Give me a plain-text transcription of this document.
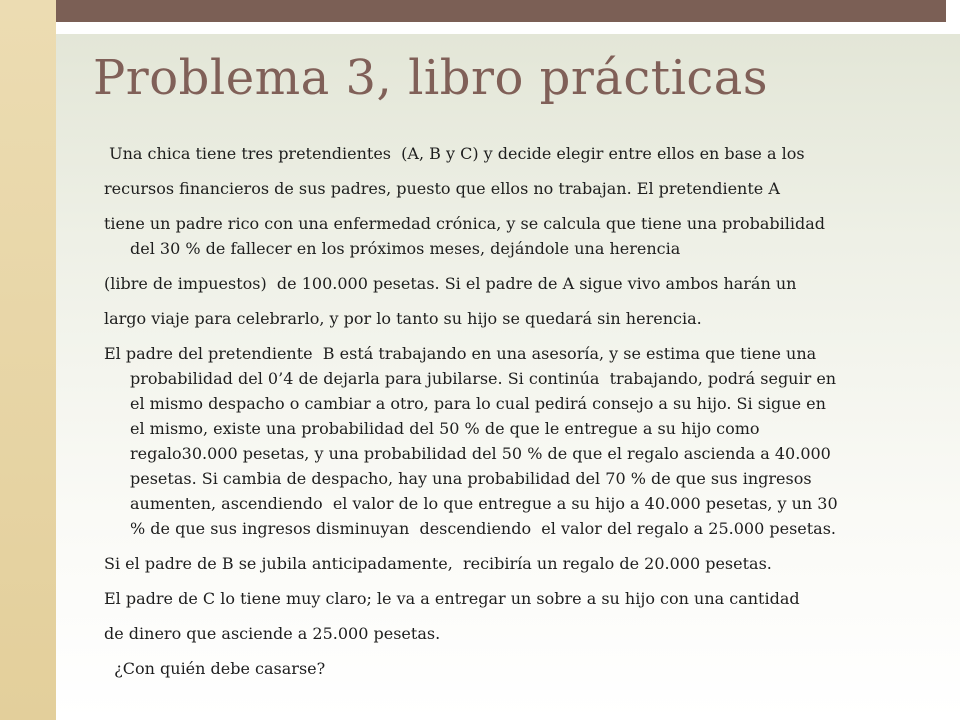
Problema 3, libro prácticas

Una chica tiene tres pretendientes  (A, B y C) y decide elegir entre ellos en base a los

recursos financieros de sus padres, puesto que ellos no trabajan. El pretendiente A

tiene un padre rico con una enfermedad crónica, y se calcula que tiene una probabilidad
del 30 % de fallecer en los próximos meses, dejándole una herencia

(libre de impuestos)  de 100.000 pesetas. Si el padre de A sigue vivo ambos harán un

largo viaje para celebrarlo, y por lo tanto su hijo se quedará sin herencia.

El padre del pretendiente  B está trabajando en una asesoría, y se estima que tiene una
probabilidad del 0’4 de dejarla para jubilarse. Si continúa  trabajando, podrá seguir en
el mismo despacho o cambiar a otro, para lo cual pedirá consejo a su hijo. Si sigue en
el mismo, existe una probabilidad del 50 % de que le entregue a su hijo como
regalo30.000 pesetas, y una probabilidad del 50 % de que el regalo ascienda a 40.000
pesetas. Si cambia de despacho, hay una probabilidad del 70 % de que sus ingresos
aumenten, ascendiendo  el valor de lo que entregue a su hijo a 40.000 pesetas, y un 30
% de que sus ingresos disminuyan  descendiendo  el valor del regalo a 25.000 pesetas.

Si el padre de B se jubila anticipadamente,  recibiría un regalo de 20.000 pesetas.

El padre de C lo tiene muy claro; le va a entregar un sobre a su hijo con una cantidad

de dinero que asciende a 25.000 pesetas.

¿Con quién debe casarse?
